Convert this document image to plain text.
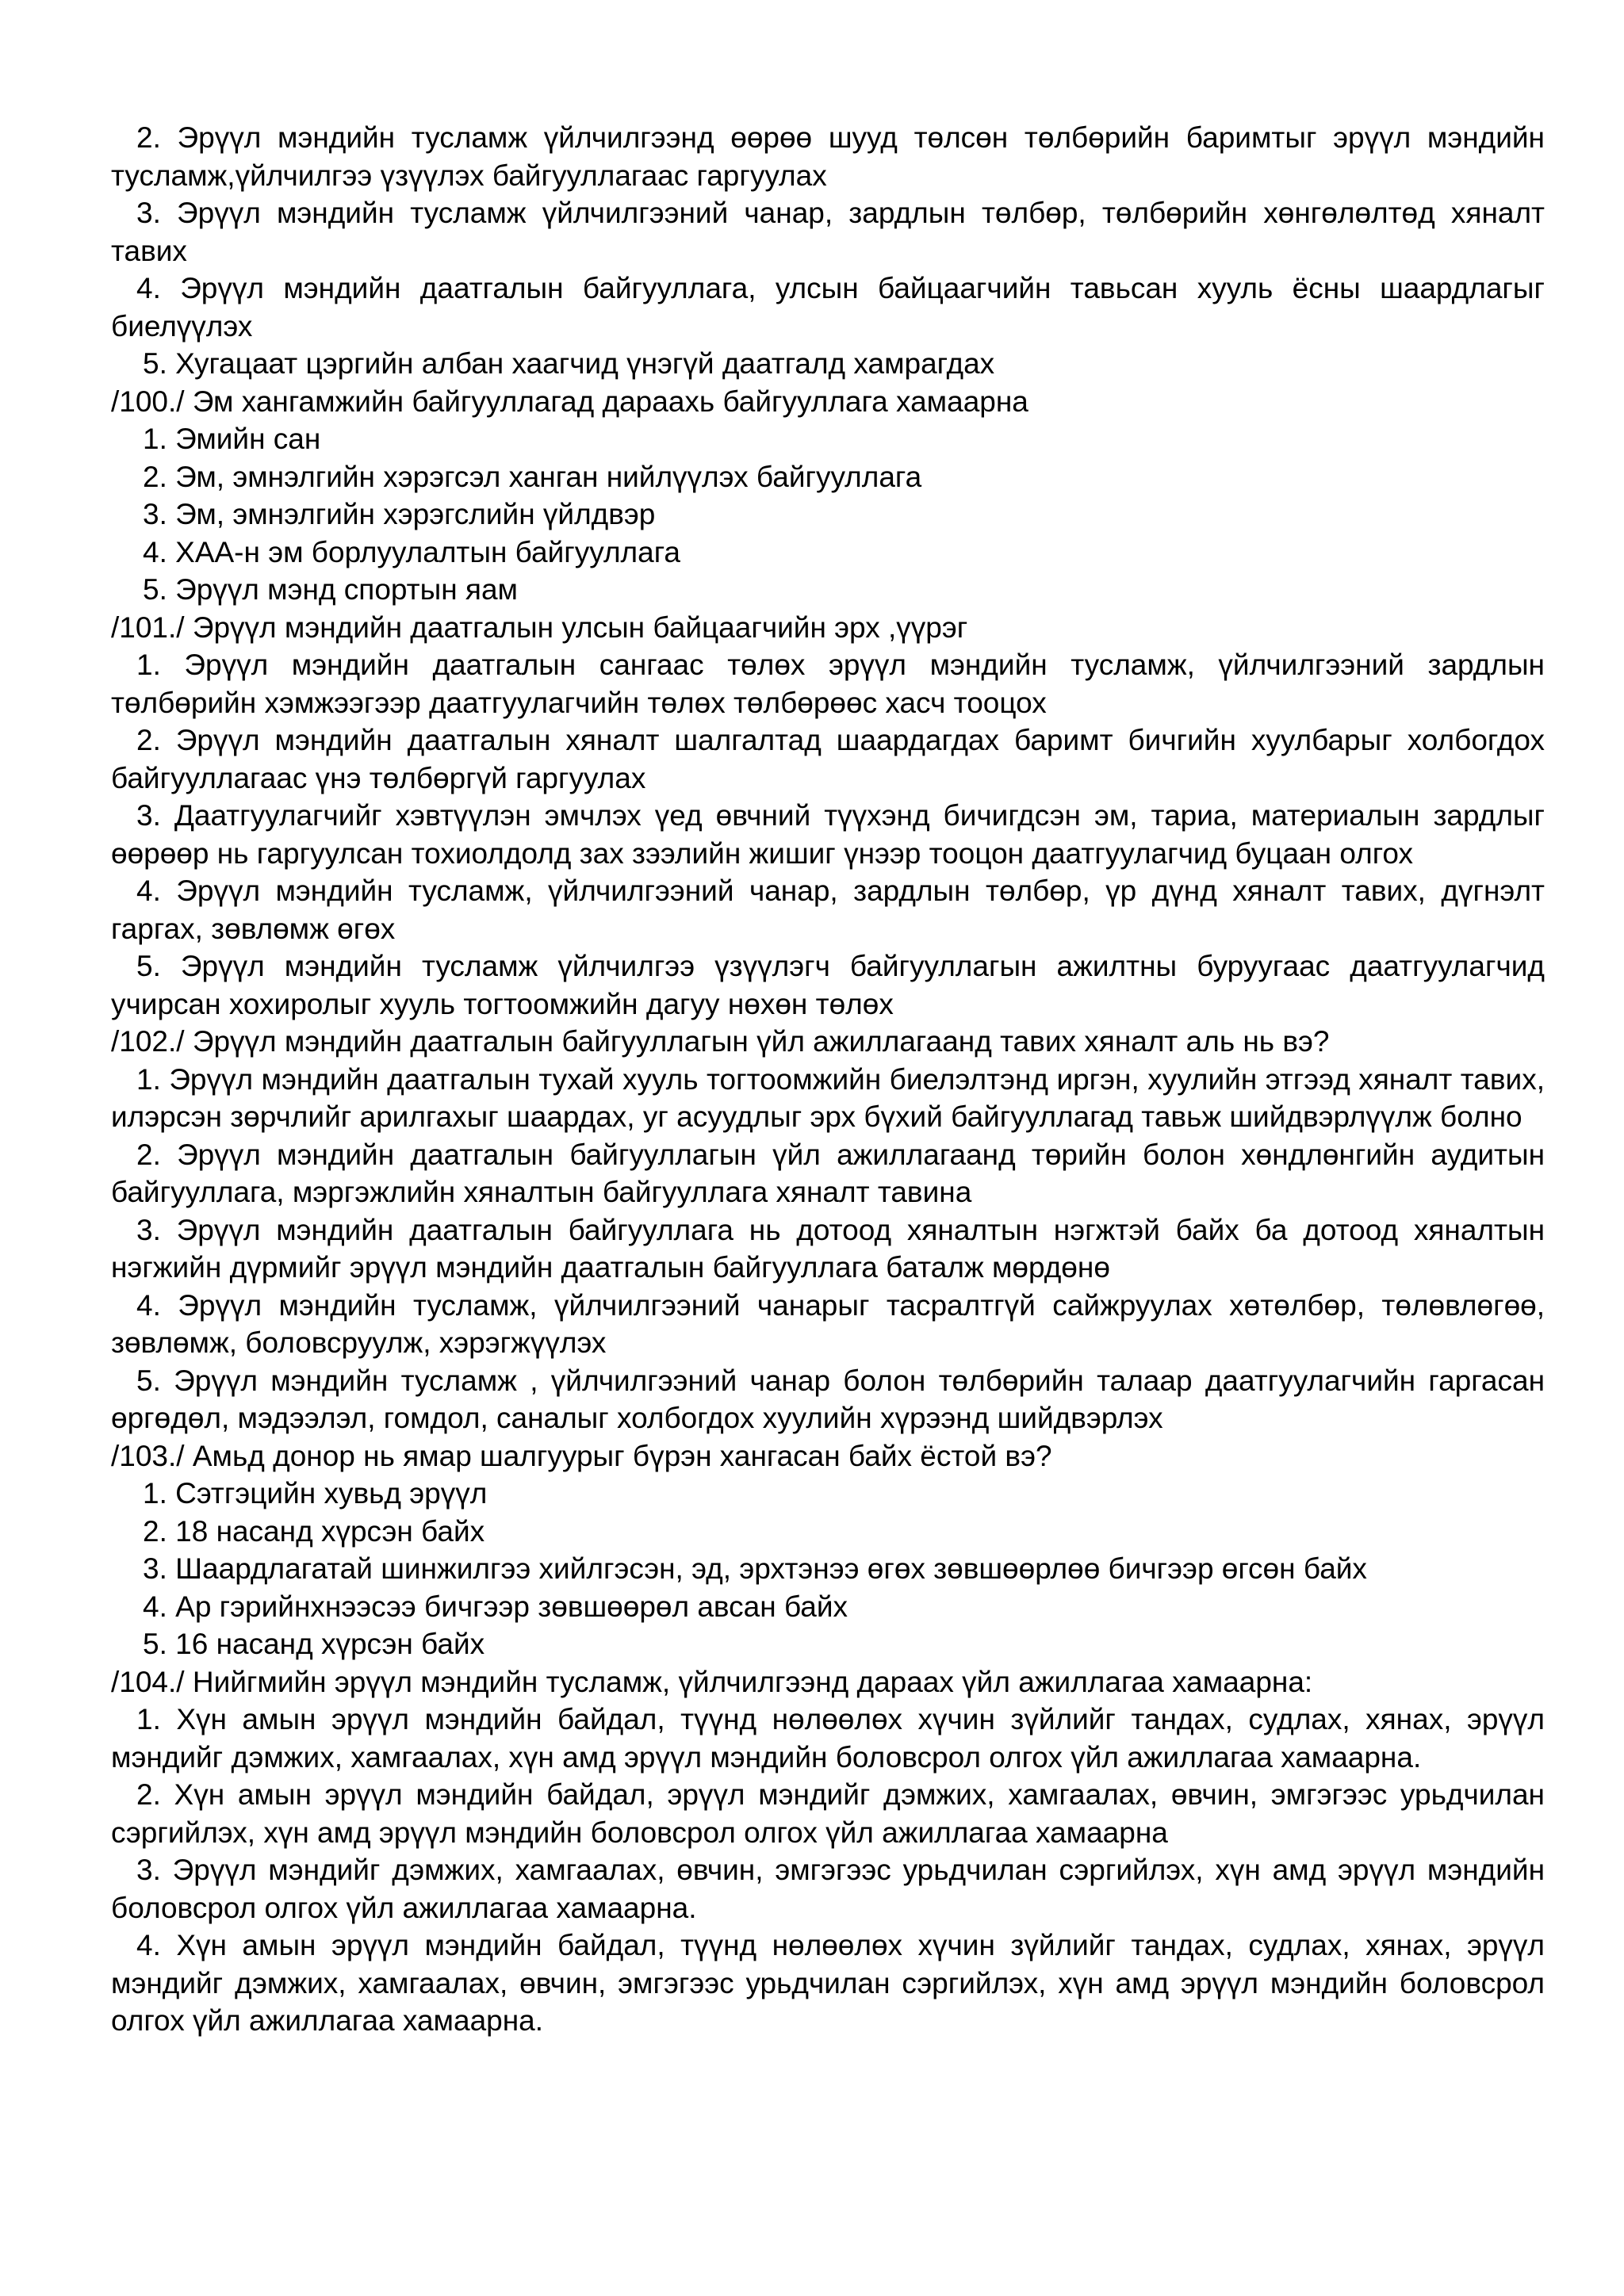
2. Эрүүл мэндийн тусламж үйлчилгээнд өөрөө шууд төлсөн төлбөрийн баримтыг эрүүл мэндийн тусламж,үйлчилгээ үзүүлэх байгууллагаас гаргуулах

3. Эрүүл мэндийн тусламж үйлчилгээний чанар, зардлын төлбөр, төлбөрийн хөнгөлөлтөд хяналт тавих

4. Эрүүл мэндийн даатгалын байгууллага, улсын байцаагчийн тавьсан хууль ёсны шаардлагыг биелүүлэх

5. Хугацаат цэргийн албан хаагчид үнэгүй даатгалд хамрагдах

/100./ Эм хангамжийн байгууллагад дараахь байгууллага хамаарна

1. Эмийн сан

2. Эм, эмнэлгийн хэрэгсэл ханган нийлүүлэх байгууллага

3. Эм, эмнэлгийн хэрэгслийн үйлдвэр

4. ХАА-н эм борлуулалтын байгууллага

5. Эрүүл мэнд спортын яам

/101./ Эрүүл мэндийн даатгалын улсын байцаагчийн эрх ,үүрэг

1. Эрүүл мэндийн даатгалын сангаас төлөх эрүүл мэндийн тусламж, үйлчилгээний зардлын төлбөрийн хэмжээгээр даатгуулагчийн төлөх төлбөрөөс хасч тооцох

2. Эрүүл мэндийн даатгалын хяналт шалгалтад шаардагдах баримт бичгийн хуулбарыг холбогдох байгууллагаас үнэ төлбөргүй гаргуулах

3. Даатгуулагчийг хэвтүүлэн эмчлэх үед өвчний түүхэнд бичигдсэн эм, тариа, материалын зардлыг өөрөөр нь гаргуулсан тохиолдолд зах зээлийн жишиг үнээр тооцон даатгуулагчид буцаан олгох

4. Эрүүл мэндийн тусламж, үйлчилгээний чанар, зардлын төлбөр, үр дүнд хяналт тавих, дүгнэлт гаргах, зөвлөмж өгөх

5. Эрүүл мэндийн тусламж үйлчилгээ үзүүлэгч байгууллагын ажилтны буруугаас даатгуулагчид учирсан хохиролыг хууль тогтоомжийн дагуу нөхөн төлөх

/102./ Эрүүл мэндийн даатгалын байгууллагын үйл ажиллагаанд тавих хяналт аль нь вэ?

1. Эрүүл мэндийн даатгалын тухай хууль тогтоомжийн биелэлтэнд иргэн, хуулийн этгээд хяналт тавих, илэрсэн зөрчлийг арилгахыг шаардах, уг асуудлыг эрх бүхий байгууллагад тавьж шийдвэрлүүлж болно

2. Эрүүл мэндийн даатгалын байгууллагын үйл ажиллагаанд төрийн болон хөндлөнгийн аудитын байгууллага, мэргэжлийн хяналтын байгууллага хяналт тавина

3. Эрүүл мэндийн даатгалын байгууллага нь дотоод хяналтын нэгжтэй байх ба дотоод хяналтын нэгжийн дүрмийг эрүүл мэндийн даатгалын байгууллага баталж мөрдөнө

4. Эрүүл мэндийн тусламж, үйлчилгээний чанарыг тасралтгүй сайжруулах хөтөлбөр, төлөвлөгөө, зөвлөмж, боловсруулж, хэрэгжүүлэх

5. Эрүүл мэндийн тусламж , үйлчилгээний чанар болон төлбөрийн талаар даатгуулагчийн гаргасан өргөдөл, мэдээлэл, гомдол, саналыг холбогдох хуулийн хүрээнд шийдвэрлэх

/103./ Амьд донор нь ямар шалгуурыг бүрэн хангасан байх ёстой вэ?

1. Сэтгэцийн хувьд эрүүл

2. 18 насанд хүрсэн байх

3. Шаардлагатай шинжилгээ хийлгэсэн, эд, эрхтэнээ өгөх зөвшөөрлөө бичгээр өгсөн байх

4. Ар гэрийнхнээсээ бичгээр зөвшөөрөл авсан байх

5. 16 насанд хүрсэн байх

/104./ Нийгмийн эрүүл мэндийн тусламж, үйлчилгээнд дараах үйл ажиллагаа хамаарна:

1. Хүн амын эрүүл мэндийн байдал, түүнд нөлөөлөх хүчин зүйлийг тандах, судлах, хянах, эрүүл мэндийг дэмжих, хамгаалах, хүн амд эрүүл мэндийн боловсрол олгох үйл ажиллагаа хамаарна.

2. Хүн амын эрүүл мэндийн байдал, эрүүл мэндийг дэмжих, хамгаалах, өвчин, эмгэгээс урьдчилан сэргийлэх, хүн амд эрүүл мэндийн боловсрол олгох үйл ажиллагаа хамаарна

3. Эрүүл мэндийг дэмжих, хамгаалах, өвчин, эмгэгээс урьдчилан сэргийлэх, хүн амд эрүүл мэндийн боловсрол олгох үйл ажиллагаа хамаарна.

4. Хүн амын эрүүл мэндийн байдал, түүнд нөлөөлөх хүчин зүйлийг тандах, судлах, хянах, эрүүл мэндийг дэмжих, хамгаалах, өвчин, эмгэгээс урьдчилан сэргийлэх, хүн амд эрүүл мэндийн боловсрол олгох үйл ажиллагаа хамаарна.
